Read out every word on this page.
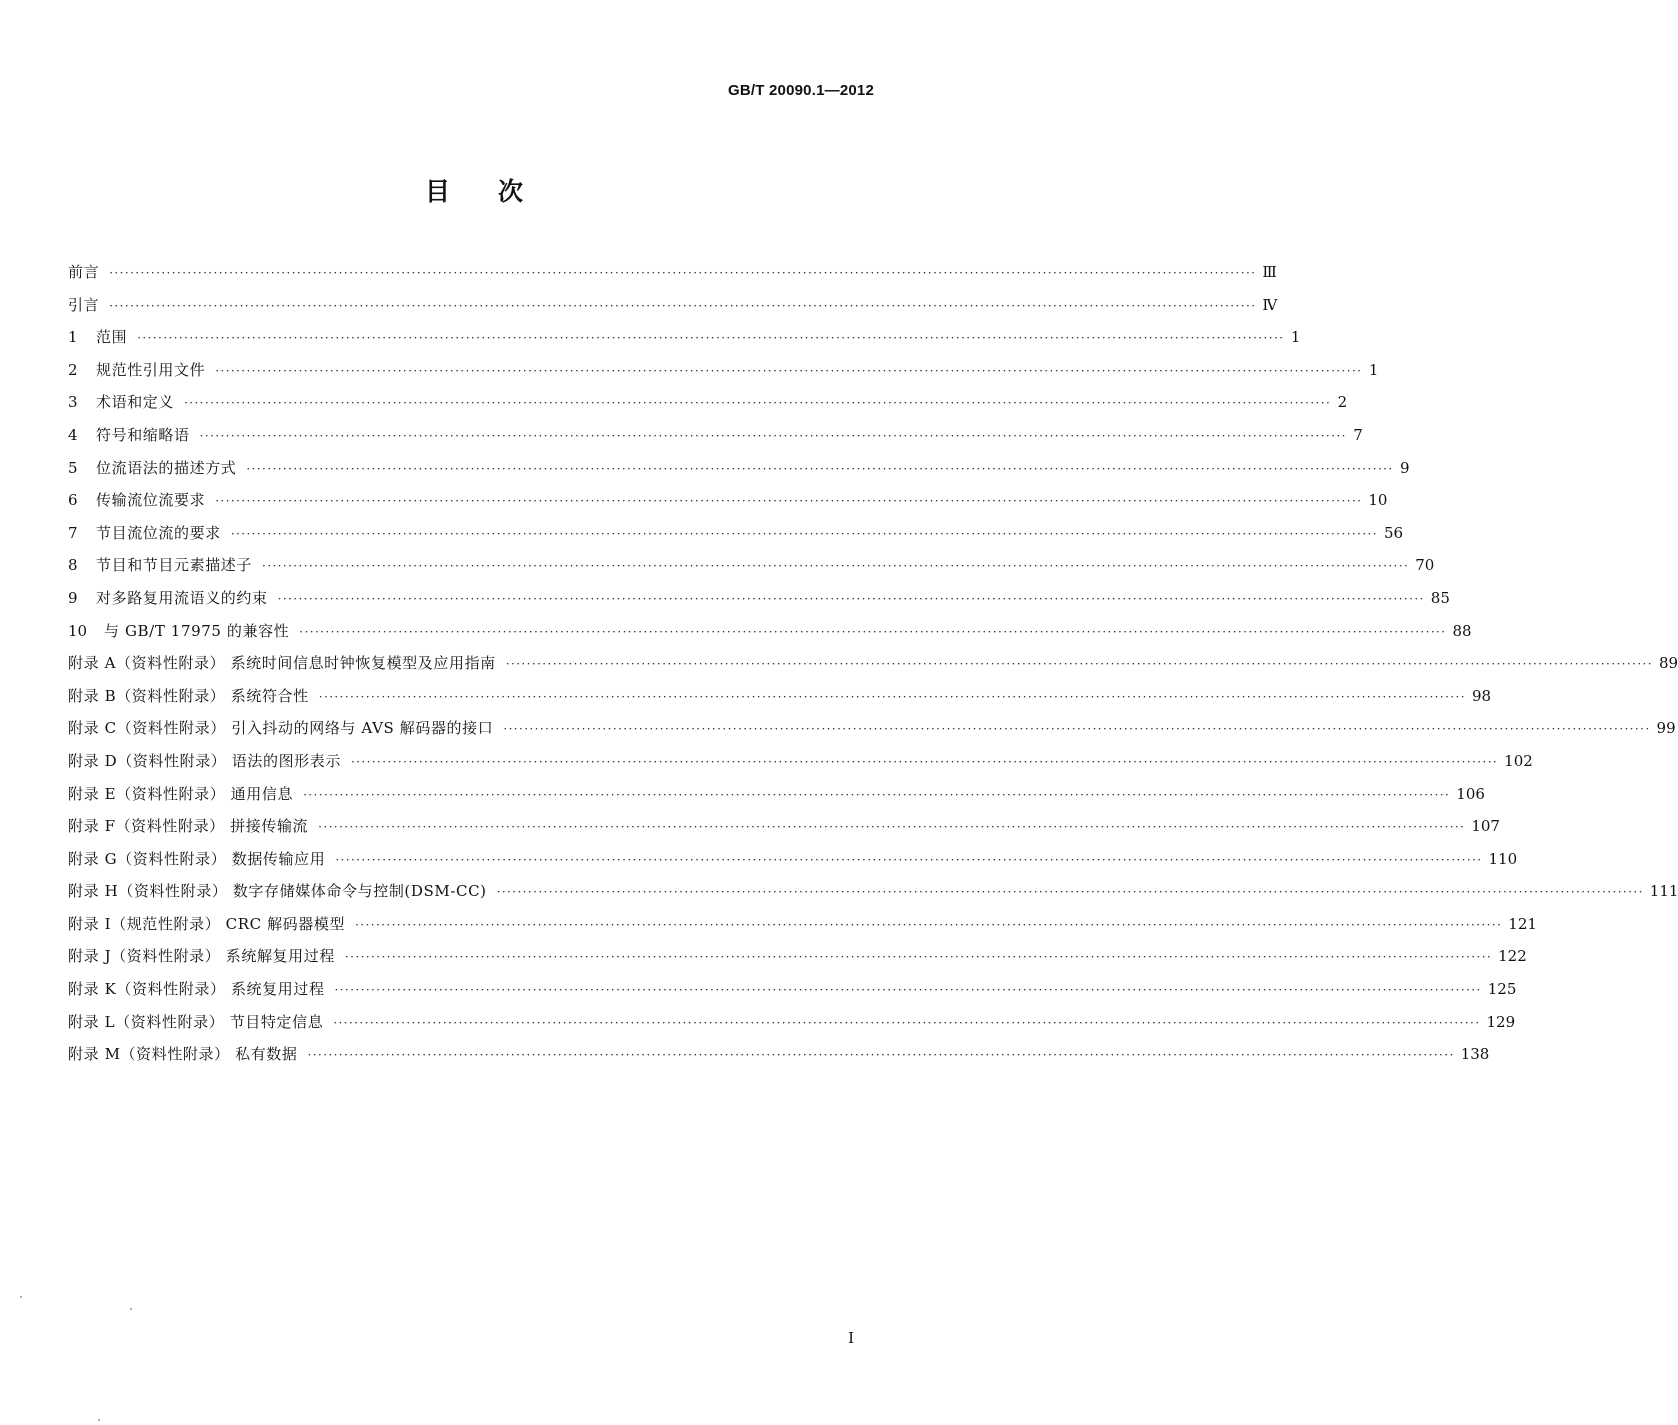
GB/T 20090.1—2012
目 次
前言 ···························································································································································································································· Ⅲ
引言 ···························································································································································································································· Ⅳ
1	范围 ···························································································································································································································· 1
2	规范性引用文件 ···························································································································································································································· 1
3	术语和定义 ···························································································································································································································· 2
4	符号和缩略语 ···························································································································································································································· 7
5	位流语法的描述方式 ···························································································································································································································· 9
6	传输流位流要求 ···························································································································································································································· 10
7	节目流位流的要求 ···························································································································································································································· 56
8	节目和节目元素描述子 ···························································································································································································································· 70
9	对多路复用流语义的约束 ···························································································································································································································· 85
10	与 GB/T 17975 的兼容性 ···························································································································································································································· 88
附录 A（资料性附录） 系统时间信息时钟恢复模型及应用指南 ···························································································································································································································· 89
附录 B（资料性附录） 系统符合性 ···························································································································································································································· 98
附录 C（资料性附录） 引入抖动的网络与 AVS 解码器的接口 ···························································································································································································································· 99
附录 D（资料性附录） 语法的图形表示 ···························································································································································································································· 102
附录 E（资料性附录） 通用信息 ···························································································································································································································· 106
附录 F（资料性附录） 拼接传输流 ···························································································································································································································· 107
附录 G（资料性附录） 数据传输应用 ···························································································································································································································· 110
附录 H（资料性附录） 数字存储媒体命令与控制(DSM-CC) ···························································································································································································································· 111
附录 I（规范性附录） CRC 解码器模型 ···························································································································································································································· 121
附录 J（资料性附录） 系统解复用过程 ···························································································································································································································· 122
附录 K（资料性附录） 系统复用过程 ···························································································································································································································· 125
附录 L（资料性附录） 节目特定信息 ···························································································································································································································· 129
附录 M（资料性附录） 私有数据 ···························································································································································································································· 138
I
